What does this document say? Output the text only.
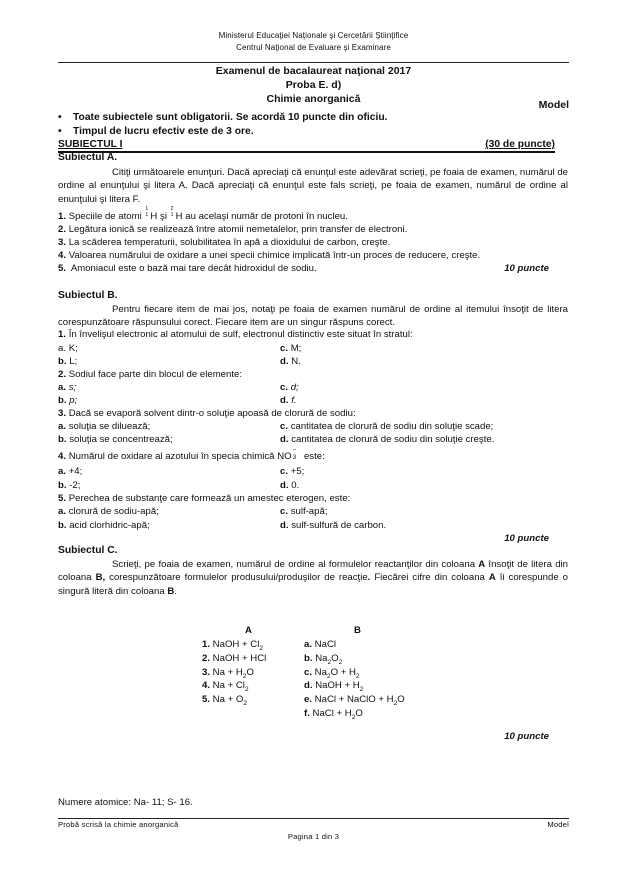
Ministerul Educaţiei Naţionale şi Cercetării Ştiinţifice
Centrul Naţional de Evaluare şi Examinare
Examenul de bacalaureat naţional 2017
Proba E. d)
Chimie anorganică	Model
• Toate subiectele sunt obligatorii. Se acordă 10 puncte din oficiu.
• Timpul de lucru efectiv este de 3 ore.
SUBIECTUL I	(30 de puncte)
Subiectul A.
Citiţi următoarele enunţuri. Dacă apreciaţi că enunţul este adevărat scrieţi, pe foaia de examen, numărul de ordine al enunţului şi litera A. Dacă apreciaţi că enunţul este fals scrieţi, pe foaia de examen, numărul de ordine al enunţului şi litera F.
1. Speciile de atomi
1
1 H şi
2
1 H au acelaşi număr de protoni în nucleu.
2. Legătura ionică se realizează între atomii nemetalelor, prin transfer de electroni.
3. La scăderea temperaturii, solubilitatea în apă a dioxidului de carbon, creşte.
4. Valoarea numărului de oxidare a unei specii chimice implicată într-un proces de reducere, creşte.
5. Amoniacul este o bază mai tare decât hidroxidul de sodiu.	10 puncte
Subiectul B.
Pentru fiecare item de mai jos, notaţi pe foaia de examen numărul de ordine al itemului însoţit de litera corespunzătoare răspunsului corect. Fiecare item are un singur răspuns corect.
1. În învelişul electronic al atomului de sulf, electronul distinctiv este situat în stratul:
a. K;
b. L;
c. M;
d. N.
2. Sodiul face parte din blocul de elemente:
a. s;
b. p;
c. d;
d. f.
3. Dacă se evaporă solvent dintr-o soluţie apoasă de clorură de sodiu:
a. soluţia se diluează;
b. soluţia se concentrează;
c. cantitatea de clorură de sodiu din soluţie scade;
d. cantitatea de clorură de sodiu din soluţie creşte.
4. Numărul de oxidare al azotului în specia chimică NO
−
3 este:
a. +4;
b. -2;
c. +5;
d. 0.
5. Perechea de substanţe care formează un amestec eterogen, este:
a. clorură de sodiu-apă;
b. acid clorhidric-apă;
c. sulf-apă;
d. sulf-sulfură de carbon.
10 puncte
Subiectul C.
Scrieţi, pe foaia de examen, numărul de ordine al formulelor reactanţilor din coloana A însoţit de litera din coloana B, corespunzătoare formulelor produsului/produşilor de reacţie. Fiecărei cifre din coloana A îi corespunde o singură literă din coloana B.
A	B
1. NaOH + $Cl_2$
2. NaOH + HCl
3. $Na + H_2O$
4. $Na + Cl_2$
5. $Na + O_2$
a. NaCl
b. $Na_2O_2$
c. $Na_2O + H_2$
d. NaOH + $H_2$
e. NaCl + NaClO + $H_2O$
f. NaCl + $H_2O$
10 puncte
Numere atomice: Na- 11; S- 16.
Probă scrisă la chimie anorganică	Model
Pagina 1 din 3
